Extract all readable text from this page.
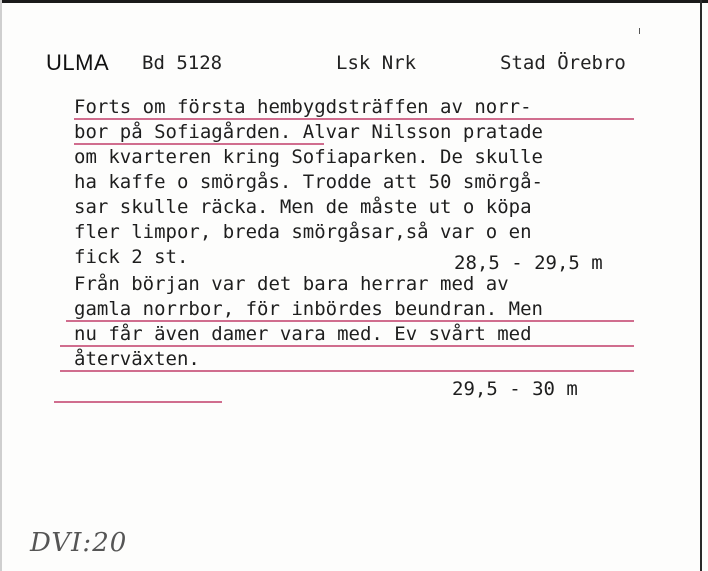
ULMA Bd 5128	Lsk Nrk	Stad Örebro
Forts om första hembygdsträffen av norr-
bor på Sofiagården. Alvar Nilsson pratade
om kvarteren kring Sofiaparken. De skulle
ha kaffe o smörgås. Trodde att 50 smörgå-
sar skulle räcka. Men de måste ut o köpa
fler limpor, breda smörgåsar,så var o en
fick 2 st.	28,5 - 29,5 m
Från början var det bara herrar med av
gamla norrbor, för inbördes beundran. Men
nu får även damer vara med. Ev svårt med
återväxten.
29,5 - 30 m
DVI:20
